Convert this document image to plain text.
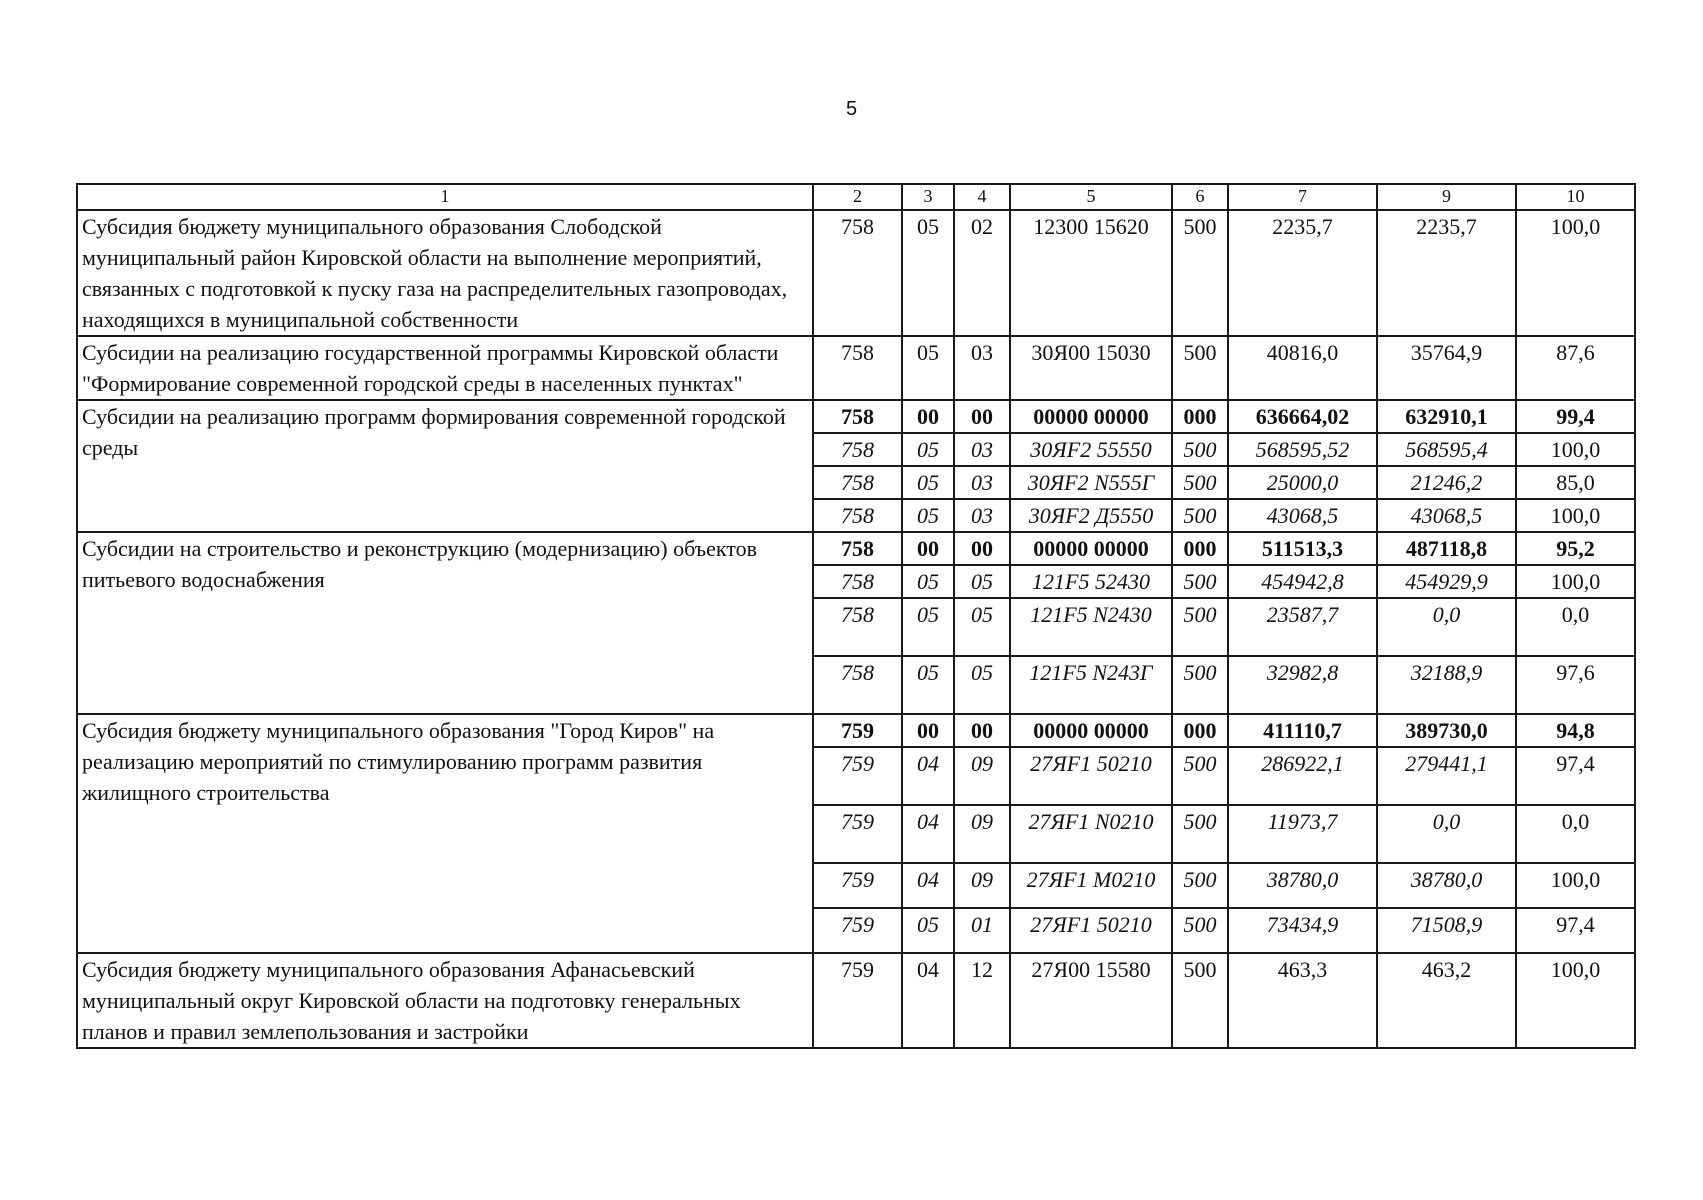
5
1	2	3	4	5	6	7	9	10
Субсидия бюджету муниципального образования Слободской муниципальный район Кировской области на выполнение мероприятий, связанных с подготовкой к пуску газа на распределительных газопроводах, находящихся в муниципальной собственности	758	05	02	12300 15620	500	2235,7	2235,7	100,0
Субсидии на реализацию государственной программы Кировской области "Формирование современной городской среды в населенных пунктах"	758	05	03	30Я00 15030	500	40816,0	35764,9	87,6
Субсидии на реализацию программ формирования современной городской среды	758	00	00	00000 00000	000	636664,02	632910,1	99,4
	758	05	03	30ЯF2 55550	500	568595,52	568595,4	100,0
	758	05	03	30ЯF2 N555Г	500	25000,0	21246,2	85,0
	758	05	03	30ЯF2 Д5550	500	43068,5	43068,5	100,0
Субсидии на строительство и реконструкцию (модернизацию) объектов питьевого водоснабжения	758	00	00	00000 00000	000	511513,3	487118,8	95,2
	758	05	05	121F5 52430	500	454942,8	454929,9	100,0
	758	05	05	121F5 N2430	500	23587,7	0,0	0,0
	758	05	05	121F5 N243Г	500	32982,8	32188,9	97,6
Субсидия бюджету муниципального образования "Город Киров" на реализацию мероприятий по стимулированию программ развития жилищного строительства	759	00	00	00000 00000	000	411110,7	389730,0	94,8
	759	04	09	27ЯF1 50210	500	286922,1	279441,1	97,4
	759	04	09	27ЯF1 N0210	500	11973,7	0,0	0,0
	759	04	09	27ЯF1 M0210	500	38780,0	38780,0	100,0
	759	05	01	27ЯF1 50210	500	73434,9	71508,9	97,4
Субсидия бюджету муниципального образования Афанасьевский муниципальный округ Кировской области на подготовку генеральных планов и правил землепользования и застройки	759	04	12	27Я00 15580	500	463,3	463,2	100,0
